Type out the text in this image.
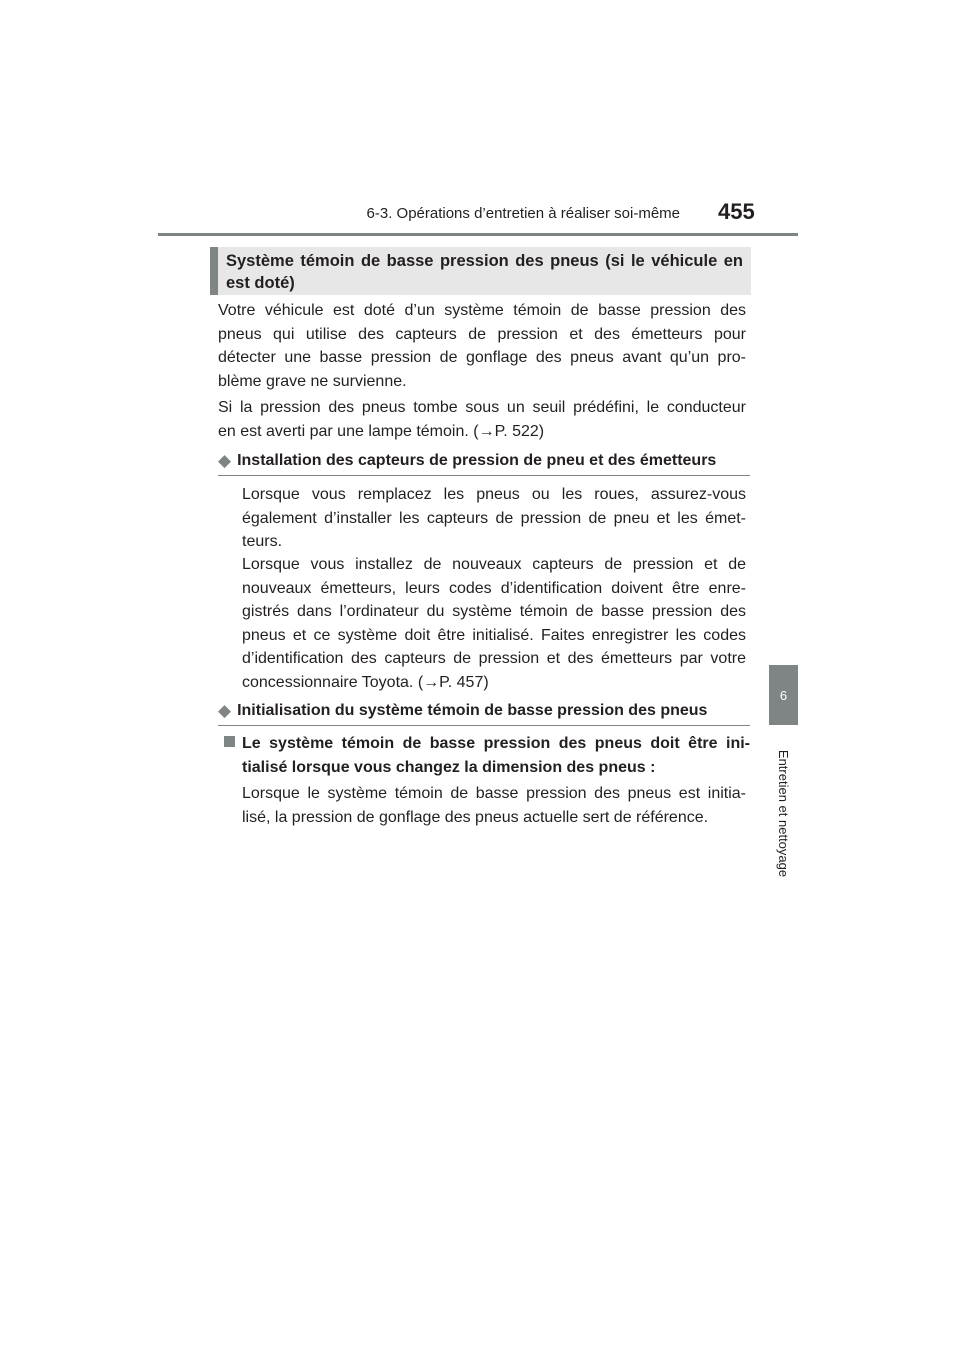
6-3. Opérations d’entretien à réaliser soi-même 455
6
Entretien et nettoyage
Système témoin de basse pression des pneus (si le véhicule en
est doté)
Votre véhicule est doté d’un système témoin de basse pression des
pneus qui utilise des capteurs de pression et des émetteurs pour
détecter une basse pression de gonflage des pneus avant qu’un pro-
blème grave ne survienne.
Si la pression des pneus tombe sous un seuil prédéfini, le conducteur
en est averti par une lampe témoin. (→P. 522)
◆ Installation des capteurs de pression de pneu et des émetteurs
Lorsque vous remplacez les pneus ou les roues, assurez-vous
également d’installer les capteurs de pression de pneu et les émet-
teurs.
Lorsque vous installez de nouveaux capteurs de pression et de
nouveaux émetteurs, leurs codes d’identification doivent être enre-
gistrés dans l’ordinateur du système témoin de basse pression des
pneus et ce système doit être initialisé. Faites enregistrer les codes
d’identification des capteurs de pression et des émetteurs par votre
concessionnaire Toyota. (→P. 457)
◆ Initialisation du système témoin de basse pression des pneus
Le système témoin de basse pression des pneus doit être ini-
tialisé lorsque vous changez la dimension des pneus :
Lorsque le système témoin de basse pression des pneus est initia-
lisé, la pression de gonflage des pneus actuelle sert de référence.
